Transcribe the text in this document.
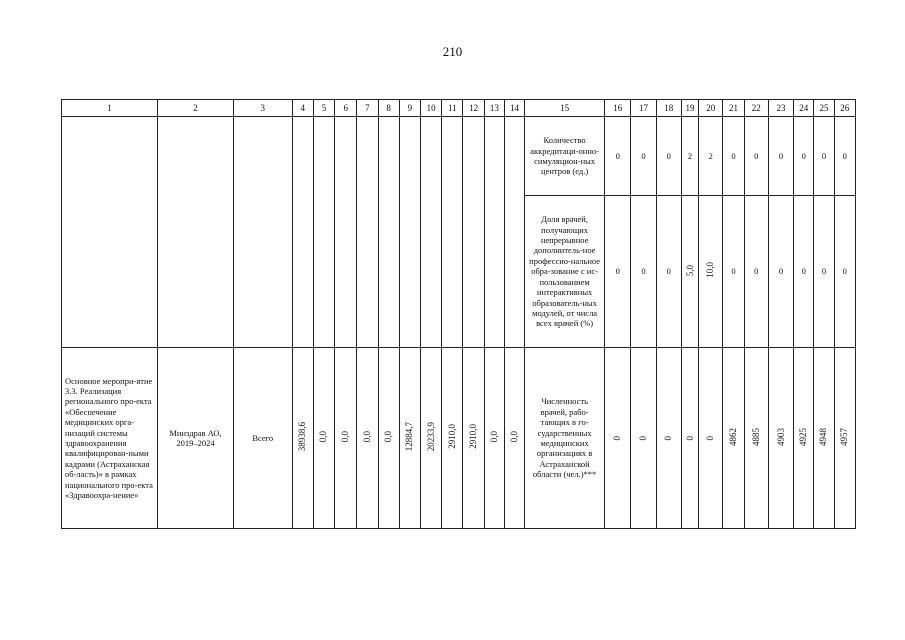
210
1	2	3	4	5	6	7	8	9	10	11	12	13	14	15	16	17	18	19	20	21	22	23	24	25	26
														Количество аккредитаци-онно-симуляцион-ных центров (ед.)	0	0	0	2	2	0	0	0	0	0	0
														Доля врачей, получающих непрерывное дополнитель-ное профессио-нальное обра-зование с ис-пользованием интерактивных образователь-ных модулей, от числа всех врачей (%)	0	0	0	5,0	10,0	0	0	0	0	0	0
Основное меропри-ятие 3.3. Реализация регионального про-екта «Обеспечение медицинских орга-низаций системы здравоохранения квалифицирован-ными кадрами (Астраханская об-ласть)» в рамках национального про-екта «Здравоохра-нение»	Минздрав АО, 2019–2024	Всего	38938,6	0,0	0,0	0,0	0,0	12884,7	20233,9	2910,0	2910,0	0,0	0,0	Численность врачей, рабо-тающих в го-сударственных медицинских организациях в Астраханской области (чел.)***	0	0	0	0	0	4862	4885	4903	4925	4948	4957
